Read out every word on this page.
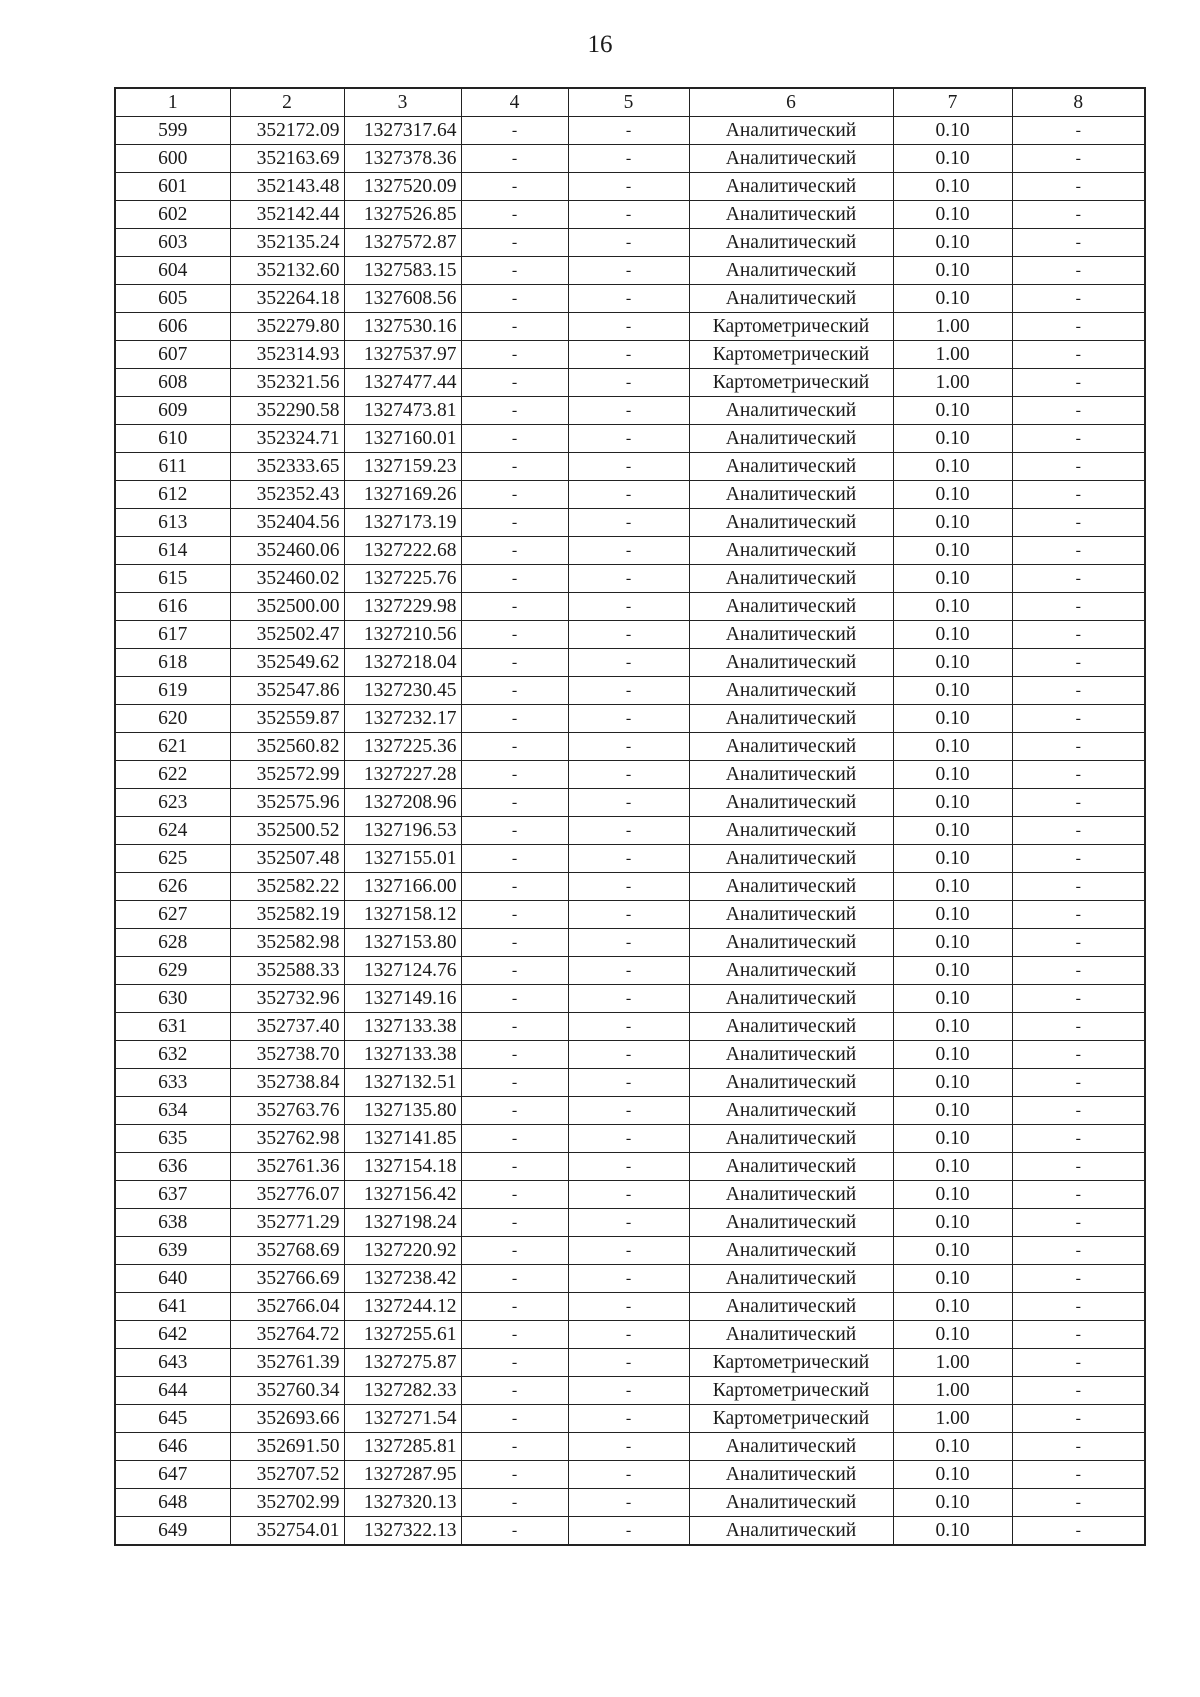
16
1	2	3	4	5	6	7	8
599	352172.09	1327317.64	-	-	Аналитический	0.10	-
600	352163.69	1327378.36	-	-	Аналитический	0.10	-
601	352143.48	1327520.09	-	-	Аналитический	0.10	-
602	352142.44	1327526.85	-	-	Аналитический	0.10	-
603	352135.24	1327572.87	-	-	Аналитический	0.10	-
604	352132.60	1327583.15	-	-	Аналитический	0.10	-
605	352264.18	1327608.56	-	-	Аналитический	0.10	-
606	352279.80	1327530.16	-	-	Картометрический	1.00	-
607	352314.93	1327537.97	-	-	Картометрический	1.00	-
608	352321.56	1327477.44	-	-	Картометрический	1.00	-
609	352290.58	1327473.81	-	-	Аналитический	0.10	-
610	352324.71	1327160.01	-	-	Аналитический	0.10	-
611	352333.65	1327159.23	-	-	Аналитический	0.10	-
612	352352.43	1327169.26	-	-	Аналитический	0.10	-
613	352404.56	1327173.19	-	-	Аналитический	0.10	-
614	352460.06	1327222.68	-	-	Аналитический	0.10	-
615	352460.02	1327225.76	-	-	Аналитический	0.10	-
616	352500.00	1327229.98	-	-	Аналитический	0.10	-
617	352502.47	1327210.56	-	-	Аналитический	0.10	-
618	352549.62	1327218.04	-	-	Аналитический	0.10	-
619	352547.86	1327230.45	-	-	Аналитический	0.10	-
620	352559.87	1327232.17	-	-	Аналитический	0.10	-
621	352560.82	1327225.36	-	-	Аналитический	0.10	-
622	352572.99	1327227.28	-	-	Аналитический	0.10	-
623	352575.96	1327208.96	-	-	Аналитический	0.10	-
624	352500.52	1327196.53	-	-	Аналитический	0.10	-
625	352507.48	1327155.01	-	-	Аналитический	0.10	-
626	352582.22	1327166.00	-	-	Аналитический	0.10	-
627	352582.19	1327158.12	-	-	Аналитический	0.10	-
628	352582.98	1327153.80	-	-	Аналитический	0.10	-
629	352588.33	1327124.76	-	-	Аналитический	0.10	-
630	352732.96	1327149.16	-	-	Аналитический	0.10	-
631	352737.40	1327133.38	-	-	Аналитический	0.10	-
632	352738.70	1327133.38	-	-	Аналитический	0.10	-
633	352738.84	1327132.51	-	-	Аналитический	0.10	-
634	352763.76	1327135.80	-	-	Аналитический	0.10	-
635	352762.98	1327141.85	-	-	Аналитический	0.10	-
636	352761.36	1327154.18	-	-	Аналитический	0.10	-
637	352776.07	1327156.42	-	-	Аналитический	0.10	-
638	352771.29	1327198.24	-	-	Аналитический	0.10	-
639	352768.69	1327220.92	-	-	Аналитический	0.10	-
640	352766.69	1327238.42	-	-	Аналитический	0.10	-
641	352766.04	1327244.12	-	-	Аналитический	0.10	-
642	352764.72	1327255.61	-	-	Аналитический	0.10	-
643	352761.39	1327275.87	-	-	Картометрический	1.00	-
644	352760.34	1327282.33	-	-	Картометрический	1.00	-
645	352693.66	1327271.54	-	-	Картометрический	1.00	-
646	352691.50	1327285.81	-	-	Аналитический	0.10	-
647	352707.52	1327287.95	-	-	Аналитический	0.10	-
648	352702.99	1327320.13	-	-	Аналитический	0.10	-
649	352754.01	1327322.13	-	-	Аналитический	0.10	-
